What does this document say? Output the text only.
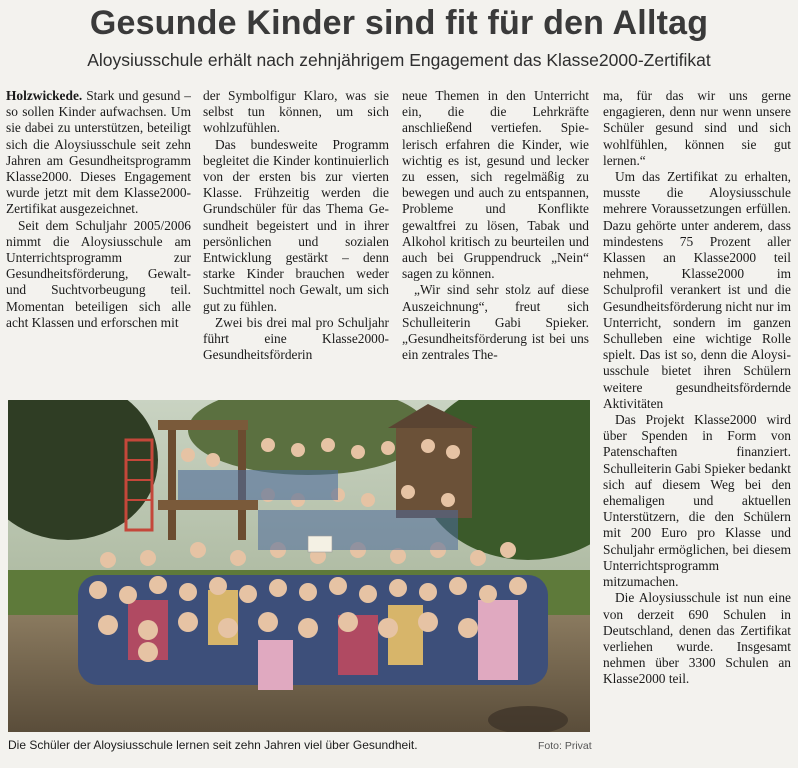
Gesunde Kinder sind fit für den Alltag
Aloysiusschule erhält nach zehnjährigem Engagement das Klasse2000-Zertifikat

Holzwickede. Stark und gesund – so sollen Kinder aufwachsen. Um sie dabei zu unterstützen, beteiligt sich die Aloysiusschule seit zehn Jahren am Gesundheitsprogramm Klasse2000. Dieses Engagement wurde jetzt mit dem Klasse2000-Zertifikat ausgezeichnet.

Seit dem Schuljahr 2005/2006 nimmt die Aloysiusschule am Unterrichtsprogramm zur Gesundheitsförderung, Gewalt- und Suchtvorbeugung teil. Momentan beteiligen sich alle acht Klassen und erforschen mit

der Symbolfigur Klaro, was sie selbst tun können, um sich wohlzufühlen.

Das bundesweite Programm begleitet die Kinder kontinuierlich von der ersten bis zur vierten Klasse. Frühzeitig werden die Grundschüler für das Thema Gesundheit begeistert und in ihrer persönlichen und sozialen Entwicklung gestärkt – denn starke Kinder brauchen weder Suchtmittel noch Gewalt, um sich gut zu fühlen.

Zwei bis drei mal pro Schuljahr führt eine Klasse2000-Gesundheitsförderin

neue Themen in den Unterricht ein, die die Lehrkräfte anschließend vertiefen. Spielerisch erfahren die Kinder, wie wichtig es ist, gesund und lecker zu essen, sich regelmäßig zu bewegen und auch zu entspannen, Probleme und Konflikte gewaltfrei zu lösen, Tabak und Alkohol kritisch zu beurteilen und auch bei Gruppendruck „Nein“ sagen zu können.

„Wir sind sehr stolz auf diese Auszeichnung“, freut sich Schulleiterin Gabi Spieker. „Gesundheitsförderung ist bei uns ein zentrales The-

ma, für das wir uns gerne engagieren, denn nur wenn unsere Schüler gesund sind und sich wohlfühlen, können sie gut lernen.“

Um das Zertifikat zu erhalten, musste die Aloysiusschule mehrere Voraussetzungen erfüllen. Dazu gehörte unter anderem, dass mindestens 75 Prozent aller Klassen an Klasse2000 teil nehmen, Klasse2000 im Schulprofil verankert ist und die Gesundheitsförderung nicht nur im Unterricht, sondern im ganzen Schulleben eine wichtige Rolle spielt. Das ist so, denn die Aloysiusschule bietet ihren Schülern weitere gesundheitsfördernde Aktivitäten

Das Projekt Klasse2000 wird über Spenden in Form von Patenschaften finanziert. Schulleiterin Gabi Spieker bedankt sich auf diesem Weg bei den ehemaligen und aktuellen Unterstützern, die den Schülern mit 200 Euro pro Klasse und Schuljahr ermöglichen, bei diesem Unterrichtsprogramm mitzumachen.

Die Aloysiusschule ist nun eine von derzeit 690 Schulen in Deutschland, denen das Zertifikat verliehen wurde. Insgesamt nehmen über 3300 Schulen an Klasse2000 teil.

Die Schüler der Aloysiusschule lernen seit zehn Jahren viel über Gesundheit.	Foto: Privat
